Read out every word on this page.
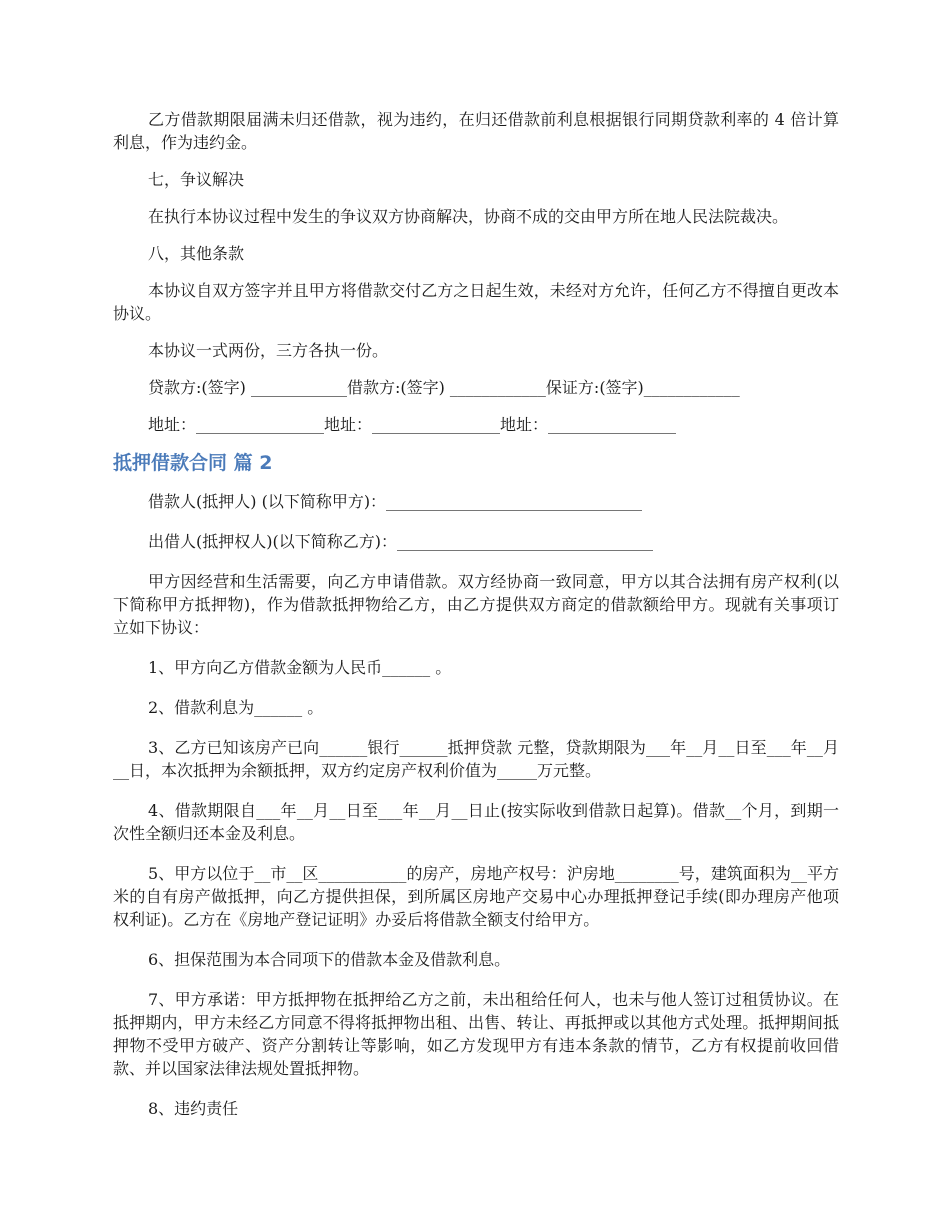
乙方借款期限届满未归还借款，视为违约，在归还借款前利息根据银行同期贷款利率的 4 倍计算利息，作为违约金。

七，争议解决

在执行本协议过程中发生的争议双方协商解决，协商不成的交由甲方所在地人民法院裁决。

八，其他条款

本协议自双方签字并且甲方将借款交付乙方之日起生效，未经对方允许，任何乙方不得擅自更改本协议。

本协议一式两份，三方各执一份。

贷款方:(签字) ____________借款方:(签字) ____________保证方:(签字)____________

地址：________________地址：________________地址：________________

抵押借款合同 篇 2

借款人(抵押人) (以下简称甲方)：________________________________

出借人(抵押权人)(以下简称乙方)：________________________________

甲方因经营和生活需要，向乙方申请借款。双方经协商一致同意，甲方以其合法拥有房产权利(以下简称甲方抵押物)，作为借款抵押物给乙方，由乙方提供双方商定的借款额给甲方。现就有关事项订立如下协议：

1、甲方向乙方借款金额为人民币______ 。

2、借款利息为______ 。

3、乙方已知该房产已向______银行______抵押贷款 元整，贷款期限为___年__月__日至___年__月__日，本次抵押为余额抵押，双方约定房产权利价值为_____万元整。

4、借款期限自___年__月__日至___年__月__日止(按实际收到借款日起算)。借款__个月，到期一次性全额归还本金及利息。

5、甲方以位于__市__区___________的房产，房地产权号：沪房地________号，建筑面积为__平方米的自有房产做抵押，向乙方提供担保，到所属区房地产交易中心办理抵押登记手续(即办理房产他项权利证)。乙方在《房地产登记证明》办妥后将借款全额支付给甲方。

6、担保范围为本合同项下的借款本金及借款利息。

7、甲方承诺：甲方抵押物在抵押给乙方之前，未出租给任何人，也未与他人签订过租赁协议。在抵押期内，甲方未经乙方同意不得将抵押物出租、出售、转让、再抵押或以其他方式处理。抵押期间抵押物不受甲方破产、资产分割转让等影响，如乙方发现甲方有违本条款的情节，乙方有权提前收回借款、并以国家法律法规处置抵押物。

8、违约责任
